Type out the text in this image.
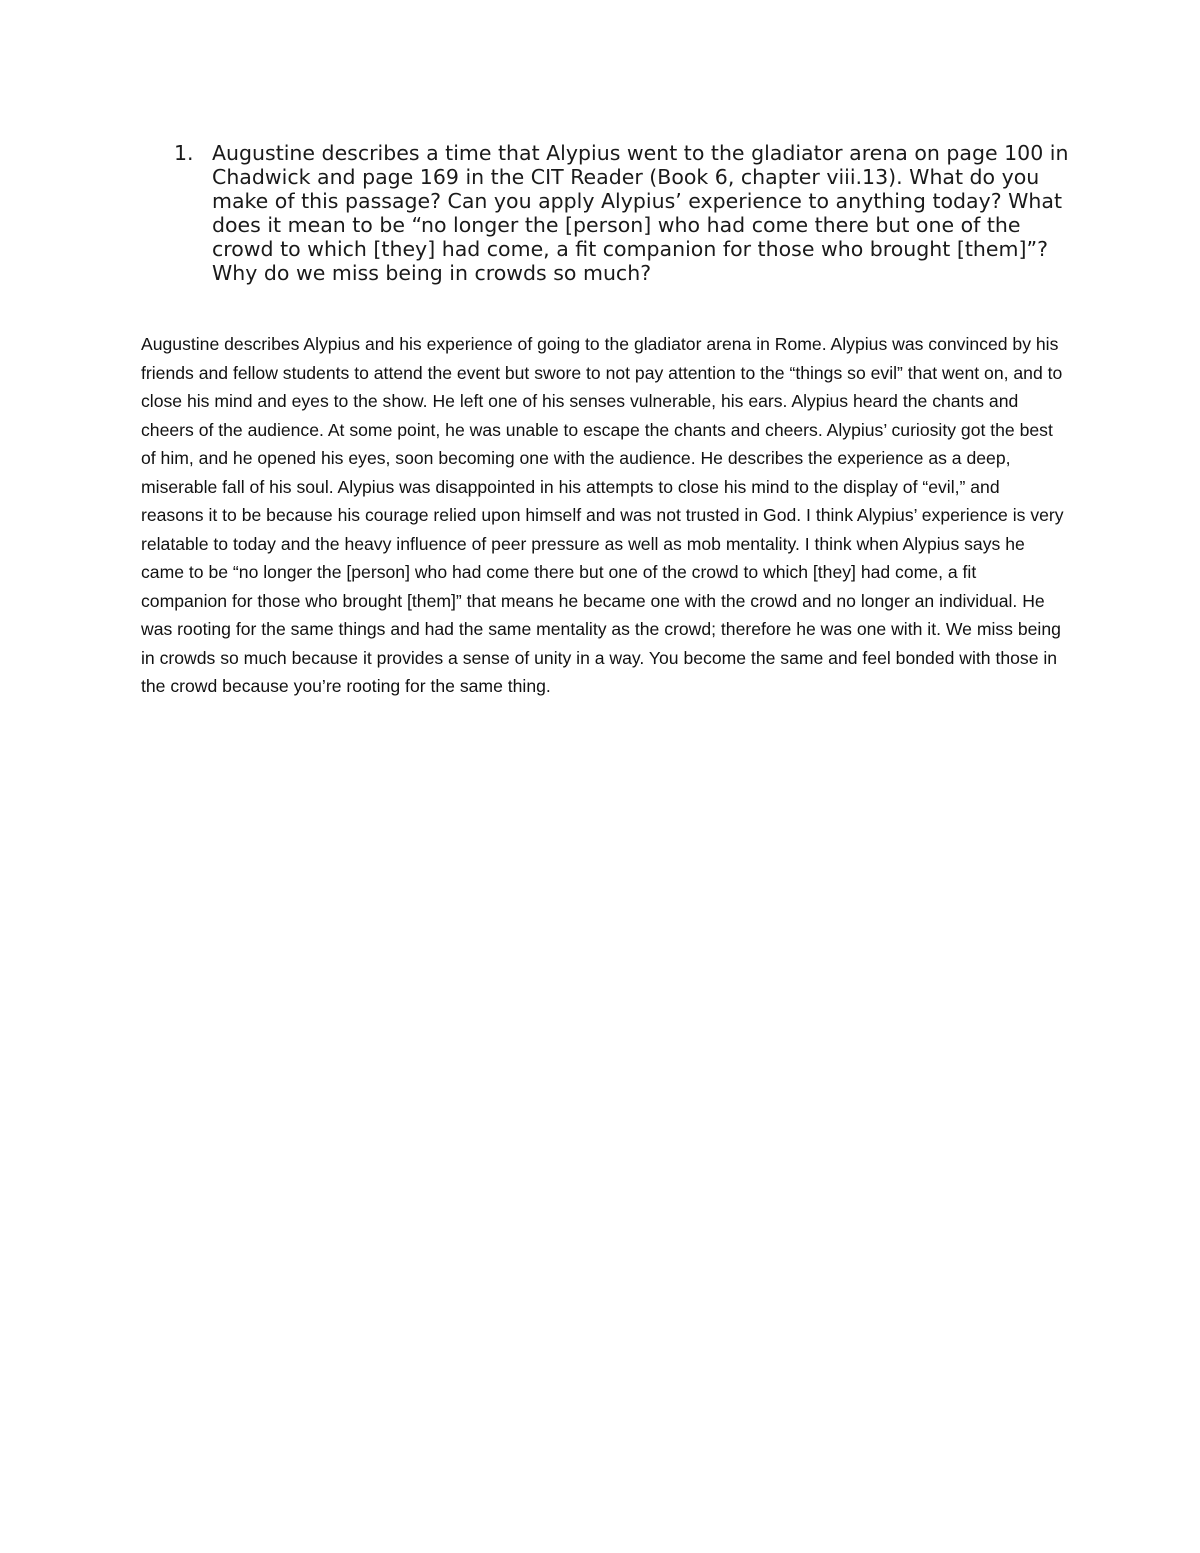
1. Augustine describes a time that Alypius went to the gladiator arena on page 100 in Chadwick and page 169 in the CIT Reader (Book 6, chapter viii.13). What do you make of this passage? Can you apply Alypius’ experience to anything today? What does it mean to be “no longer the [person] who had come there but one of the crowd to which [they] had come, a fit companion for those who brought [them]”? Why do we miss being in crowds so much?

Augustine describes Alypius and his experience of going to the gladiator arena in Rome. Alypius was convinced by his friends and fellow students to attend the event but swore to not pay attention to the “things so evil” that went on, and to close his mind and eyes to the show. He left one of his senses vulnerable, his ears. Alypius heard the chants and cheers of the audience. At some point, he was unable to escape the chants and cheers. Alypius’ curiosity got the best of him, and he opened his eyes, soon becoming one with the audience. He describes the experience as a deep, miserable fall of his soul. Alypius was disappointed in his attempts to close his mind to the display of “evil,” and reasons it to be because his courage relied upon himself and was not trusted in God. I think Alypius’ experience is very relatable to today and the heavy influence of peer pressure as well as mob mentality. I think when Alypius says he came to be “no longer the [person] who had come there but one of the crowd to which [they] had come, a fit companion for those who brought [them]” that means he became one with the crowd and no longer an individual. He was rooting for the same things and had the same mentality as the crowd; therefore he was one with it. We miss being in crowds so much because it provides a sense of unity in a way. You become the same and feel bonded with those in the crowd because you’re rooting for the same thing.
